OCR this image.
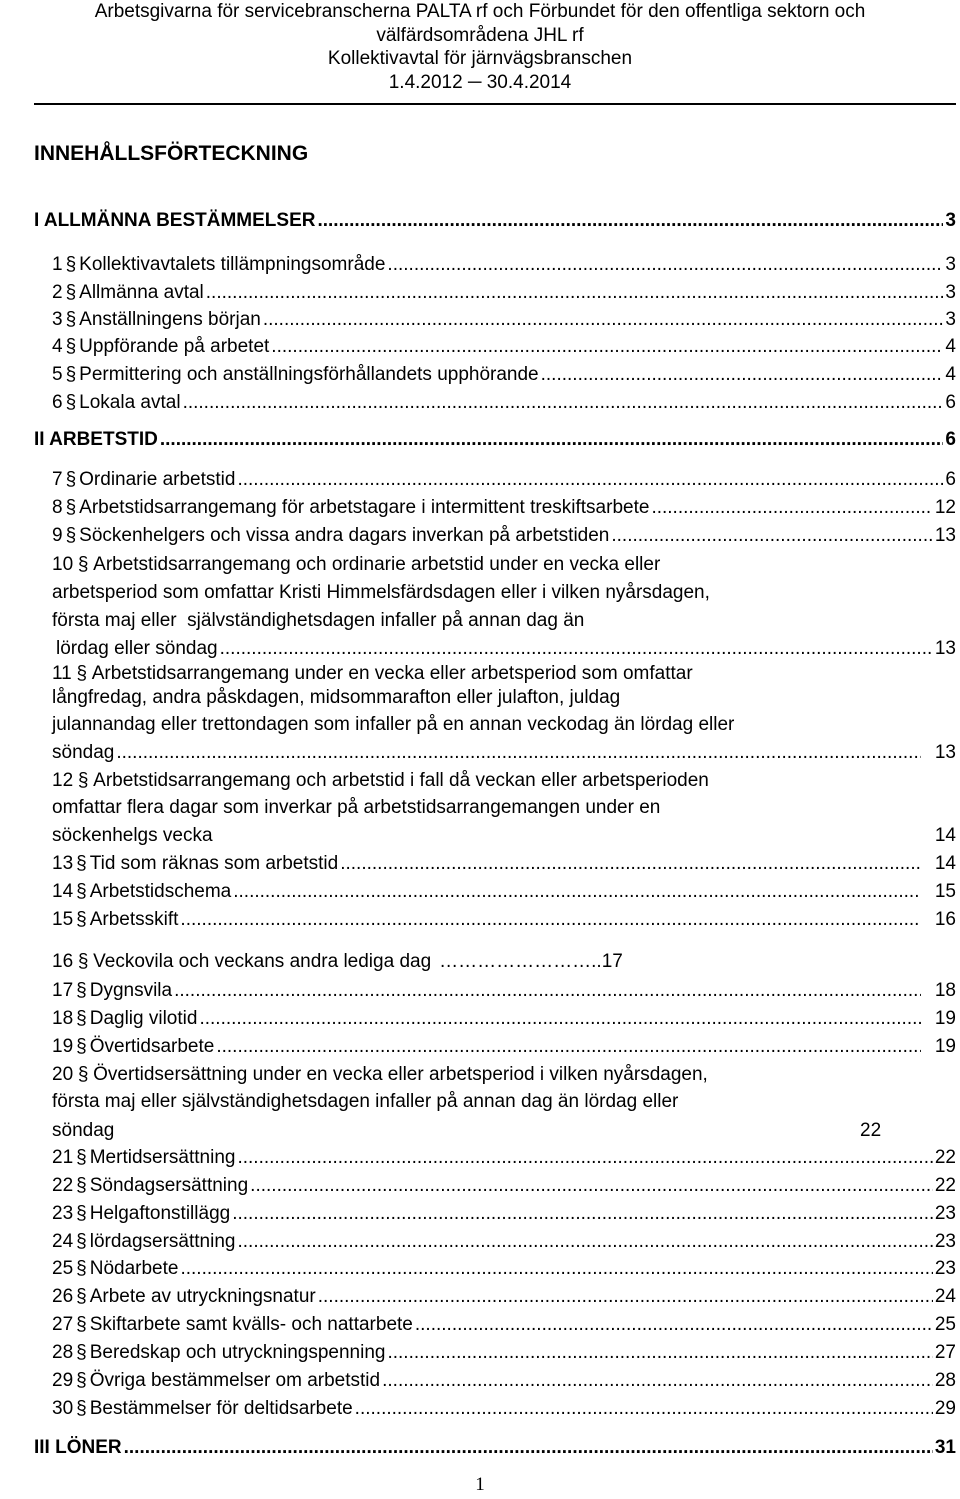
Arbetsgivarna för servicebranscherna PALTA rf och Förbundet för den offentliga sektorn och
välfärdsområdena JHL rf
Kollektivavtal för järnvägsbranschen
1.4.2012 ─ 30.4.2014
INNEHÅLLSFÖRTECKNING
I ALLMÄNNA BESTÄMMELSER .....	3
1 § Kollektivavtalets tillämpningsområde .....	3
2 § Allmänna avtal .....	3
3 § Anställningens början .....	3
4 § Uppförande på arbetet .....	4
5 § Permittering och anställningsförhållandets upphörande .....	4
6 § Lokala avtal .....	6
II ARBETSTID .....	6
7 § Ordinarie arbetstid .....	6
8 § Arbetstidsarrangemang för arbetstagare i intermittent treskiftsarbete .....	12
9 § Söckenhelgers och vissa andra dagars inverkan på arbetstiden .....	13
10 § Arbetstidsarrangemang och ordinarie arbetstid under en vecka eller
arbetsperiod som omfattar Kristi Himmelsfärdsdagen eller i vilken nyårsdagen,
första maj eller  självständighetsdagen infaller på annan dag än
lördag eller söndag .....	13
11 § Arbetstidsarrangemang under en vecka eller arbetsperiod som omfattar
långfredag, andra påskdagen, midsommarafton eller julafton, juldag
julannandag eller trettondagen som infaller på en annan veckodag än lördag eller
söndag .....	13
12 § Arbetstidsarrangemang och arbetstid i fall då veckan eller arbetsperioden
omfattar flera dagar som inverkar på arbetstidsarrangemangen under en
söckenhelgs vecka	14
13 § Tid som räknas som arbetstid .....	14
14 § Arbetstidschema .....	15
15 § Arbetsskift .....	16
16 § Veckovila och veckans andra lediga dag ……………………..17
17 § Dygnsvila .....	18
18 § Daglig vilotid .....	19
19 § Övertidsarbete .....	19
20 § Övertidsersättning under en vecka eller arbetsperiod i vilken nyårsdagen,
första maj eller självständighetsdagen infaller på annan dag än lördag eller
söndag	22
21 § Mertidsersättning .....	22
22 § Söndagsersättning .....	22
23 § Helgaftonstillägg .....	23
24 § lördagsersättning .....	23
25 § Nödarbete .....	23
26 § Arbete av utryckningsnatur .....	24
27 § Skiftarbete samt kvälls- och nattarbete .....	25
28 § Beredskap och utryckningspenning .....	27
29 § Övriga bestämmelser om arbetstid .....	28
30 § Bestämmelser för deltidsarbete .....	29
III LÖNER .....	31
1
